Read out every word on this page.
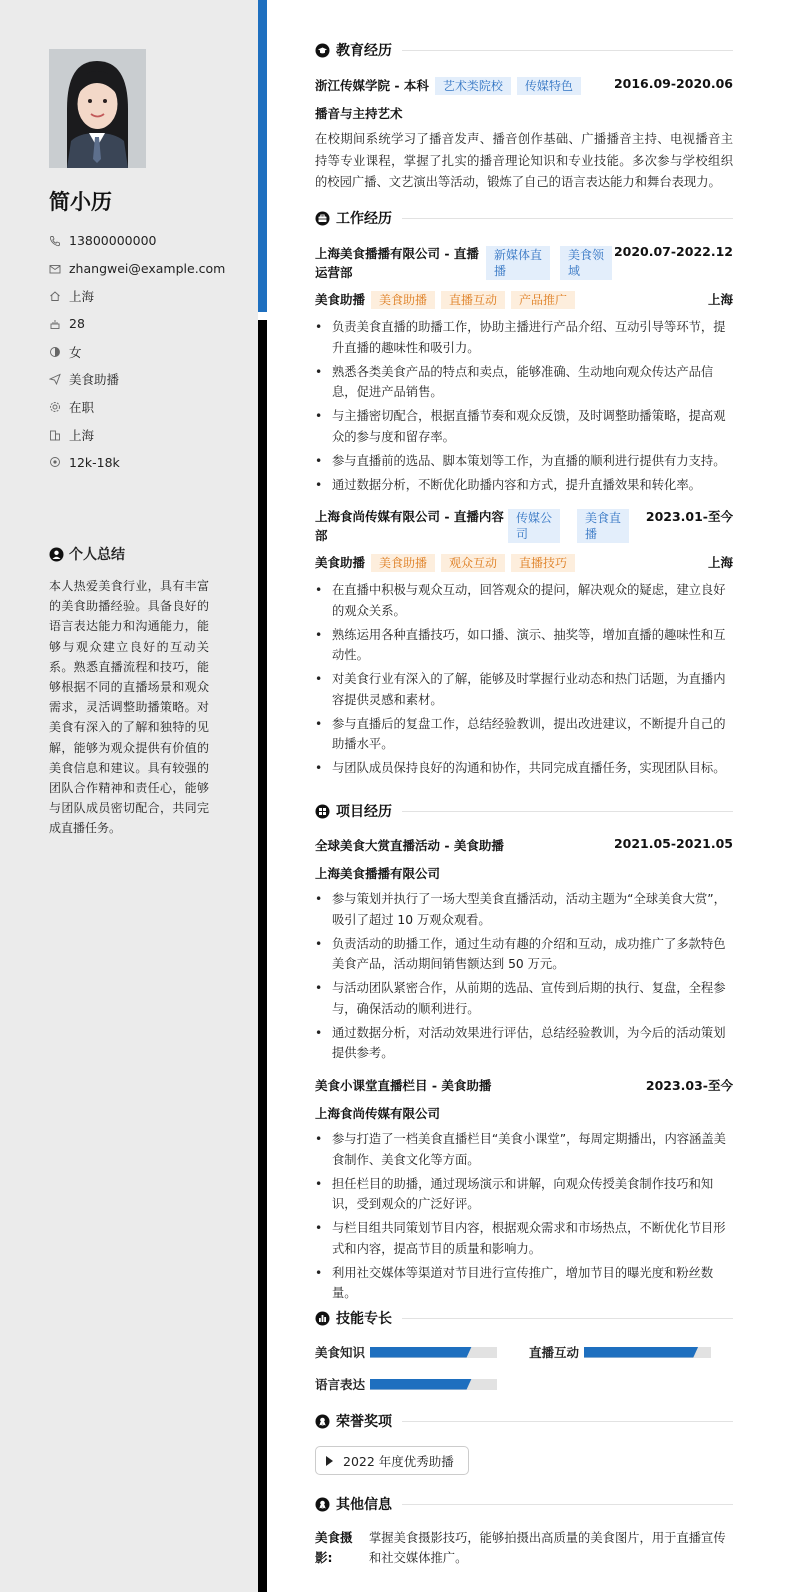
简小历
13800000000
zhangwei@example.com
上海
28
女
美食助播
在职
上海
12k-18k
个人总结
本人热爱美食行业，具有丰富的美食助播经验。具备良好的语言表达能力和沟通能力，能够与观众建立良好的互动关系。熟悉直播流程和技巧，能够根据不同的直播场景和观众需求，灵活调整助播策略。对美食有深入的了解和独特的见解，能够为观众提供有价值的美食信息和建议。具有较强的团队合作精神和责任心，能够与团队成员密切配合，共同完成直播任务。
教育经历
浙江传媒学院 - 本科 艺术类院校 传媒特色	2016.09-2020.06
播音与主持艺术
在校期间系统学习了播音发声、播音创作基础、广播播音主持、电视播音主持等专业课程，掌握了扎实的播音理论知识和专业技能。多次参与学校组织的校园广播、文艺演出等活动，锻炼了自己的语言表达能力和舞台表现力。
工作经历
上海美食播播有限公司 - 直播
运营部
新媒体直
播
美食领
域
2020.07-2022.12
美食助播 美食助播 直播互动 产品推广	上海
• 负责美食直播的助播工作，协助主播进行产品介绍、互动引导等环节，提升直播的趣味性和吸引力。
• 熟悉各类美食产品的特点和卖点，能够准确、生动地向观众传达产品信息，促进产品销售。
• 与主播密切配合，根据直播节奏和观众反馈，及时调整助播策略，提高观众的参与度和留存率。
• 参与直播前的选品、脚本策划等工作，为直播的顺利进行提供有力支持。
• 通过数据分析，不断优化助播内容和方式，提升直播效果和转化率。
上海食尚传媒有限公司 - 直播内容
部
传媒公
司
美食直
播
2023.01-至今
美食助播 美食助播 观众互动 直播技巧	上海
• 在直播中积极与观众互动，回答观众的提问，解决观众的疑虑，建立良好的观众关系。
• 熟练运用各种直播技巧，如口播、演示、抽奖等，增加直播的趣味性和互动性。
• 对美食行业有深入的了解，能够及时掌握行业动态和热门话题，为直播内容提供灵感和素材。
• 参与直播后的复盘工作，总结经验教训，提出改进建议，不断提升自己的助播水平。
• 与团队成员保持良好的沟通和协作，共同完成直播任务，实现团队目标。
项目经历
全球美食大赏直播活动 - 美食助播	2021.05-2021.05
上海美食播播有限公司
• 参与策划并执行了一场大型美食直播活动，活动主题为“全球美食大赏”，吸引了超过 10 万观众观看。
• 负责活动的助播工作，通过生动有趣的介绍和互动，成功推广了多款特色美食产品，活动期间销售额达到 50 万元。
• 与活动团队紧密合作，从前期的选品、宣传到后期的执行、复盘，全程参与，确保活动的顺利进行。
• 通过数据分析，对活动效果进行评估，总结经验教训，为今后的活动策划提供参考。
美食小课堂直播栏目 - 美食助播	2023.03-至今
上海食尚传媒有限公司
• 参与打造了一档美食直播栏目“美食小课堂”，每周定期播出，内容涵盖美食制作、美食文化等方面。
• 担任栏目的助播，通过现场演示和讲解，向观众传授美食制作技巧和知识，受到观众的广泛好评。
• 与栏目组共同策划节目内容，根据观众需求和市场热点，不断优化节目形式和内容，提高节目的质量和影响力。
• 利用社交媒体等渠道对节目进行宣传推广，增加节目的曝光度和粉丝数量。
技能专长
美食知识	直播互动
语言表达
荣誉奖项
2022 年度优秀助播
其他信息
美食摄影:
掌握美食摄影技巧，能够拍摄出高质量的美食图片，用于直播宣传和社交媒体推广。
